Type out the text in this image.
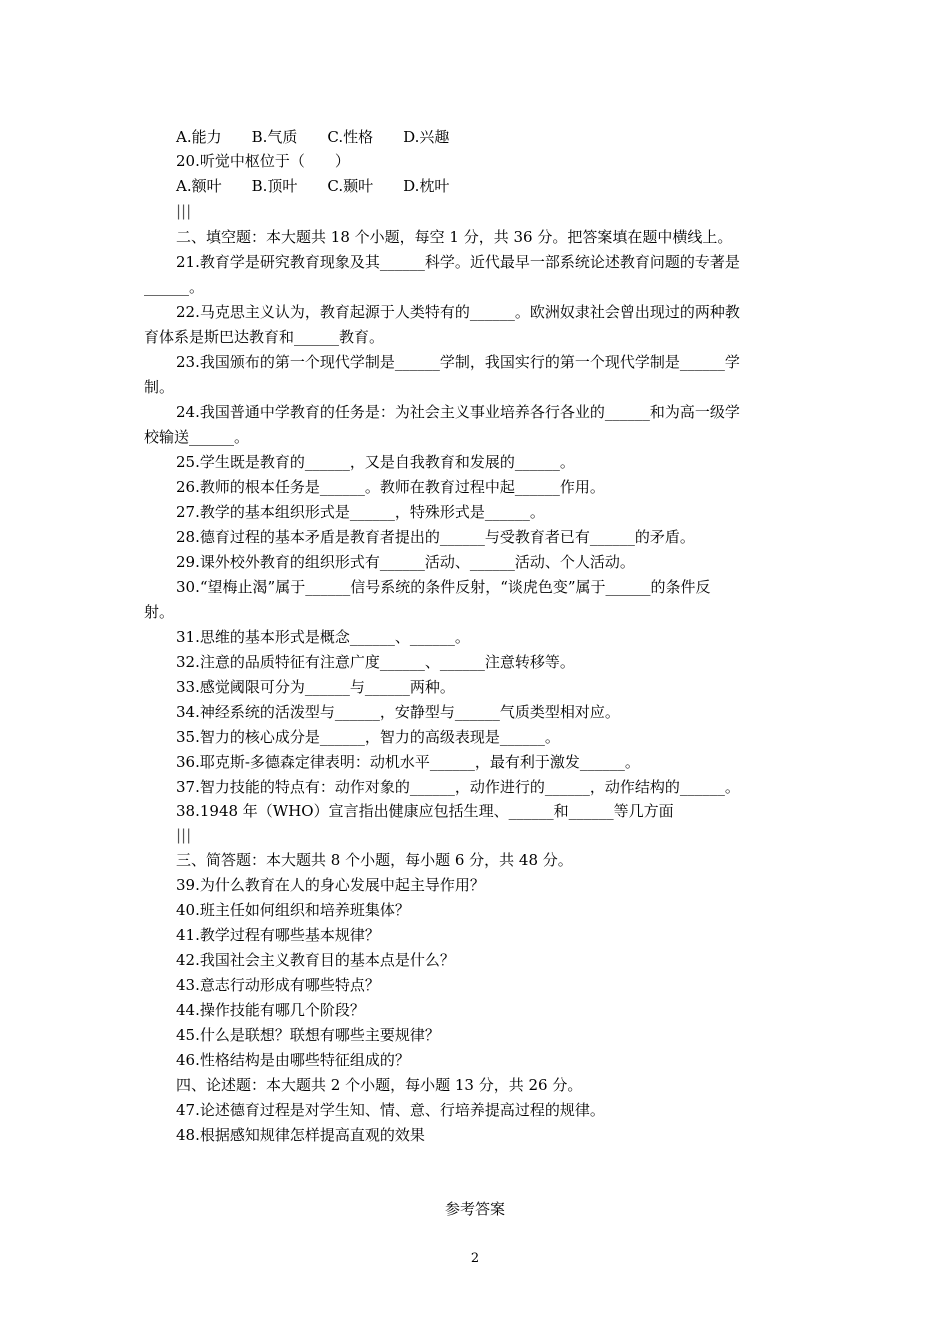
A.能力 B.气质 C.性格 D.兴趣
20.听觉中枢位于（　　）
A.额叶 B.顶叶 C.颞叶 D.枕叶
|||
二、填空题：本大题共 18 个小题，每空 1 分，共 36 分。把答案填在题中横线上。
21.教育学是研究教育现象及其______科学。近代最早一部系统论述教育问题的专著是
______。
22.马克思主义认为，教育起源于人类特有的______。欧洲奴隶社会曾出现过的两种教
育体系是斯巴达教育和______教育。
23.我国颁布的第一个现代学制是______学制，我国实行的第一个现代学制是______学
制。
24.我国普通中学教育的任务是：为社会主义事业培养各行各业的______和为高一级学
校输送______。
25.学生既是教育的______，又是自我教育和发展的______。
26.教师的根本任务是______。教师在教育过程中起______作用。
27.教学的基本组织形式是______，特殊形式是______。
28.德育过程的基本矛盾是教育者提出的______与受教育者已有______的矛盾。
29.课外校外教育的组织形式有______活动、______活动、个人活动。
30.“望梅止渴”属于______信号系统的条件反射，“谈虎色变”属于______的条件反
射。
31.思维的基本形式是概念______、______。
32.注意的品质特征有注意广度______、______注意转移等。
33.感觉阈限可分为______与______两种。
34.神经系统的活泼型与______，安静型与______气质类型相对应。
35.智力的核心成分是______，智力的高级表现是______。
36.耶克斯-多德森定律表明：动机水平______，最有利于激发______。
37.智力技能的特点有：动作对象的______，动作进行的______，动作结构的______。
38.1948 年（WHO）宣言指出健康应包括生理、______和______等几方面
|||
三、简答题：本大题共 8 个小题，每小题 6 分，共 48 分。
39.为什么教育在人的身心发展中起主导作用？
40.班主任如何组织和培养班集体？
41.教学过程有哪些基本规律？
42.我国社会主义教育目的基本点是什么？
43.意志行动形成有哪些特点？
44.操作技能有哪几个阶段？
45.什么是联想？联想有哪些主要规律？
46.性格结构是由哪些特征组成的？
四、论述题：本大题共 2 个小题，每小题 13 分，共 26 分。
47.论述德育过程是对学生知、情、意、行培养提高过程的规律。
48.根据感知规律怎样提高直观的效果
参考答案
2
